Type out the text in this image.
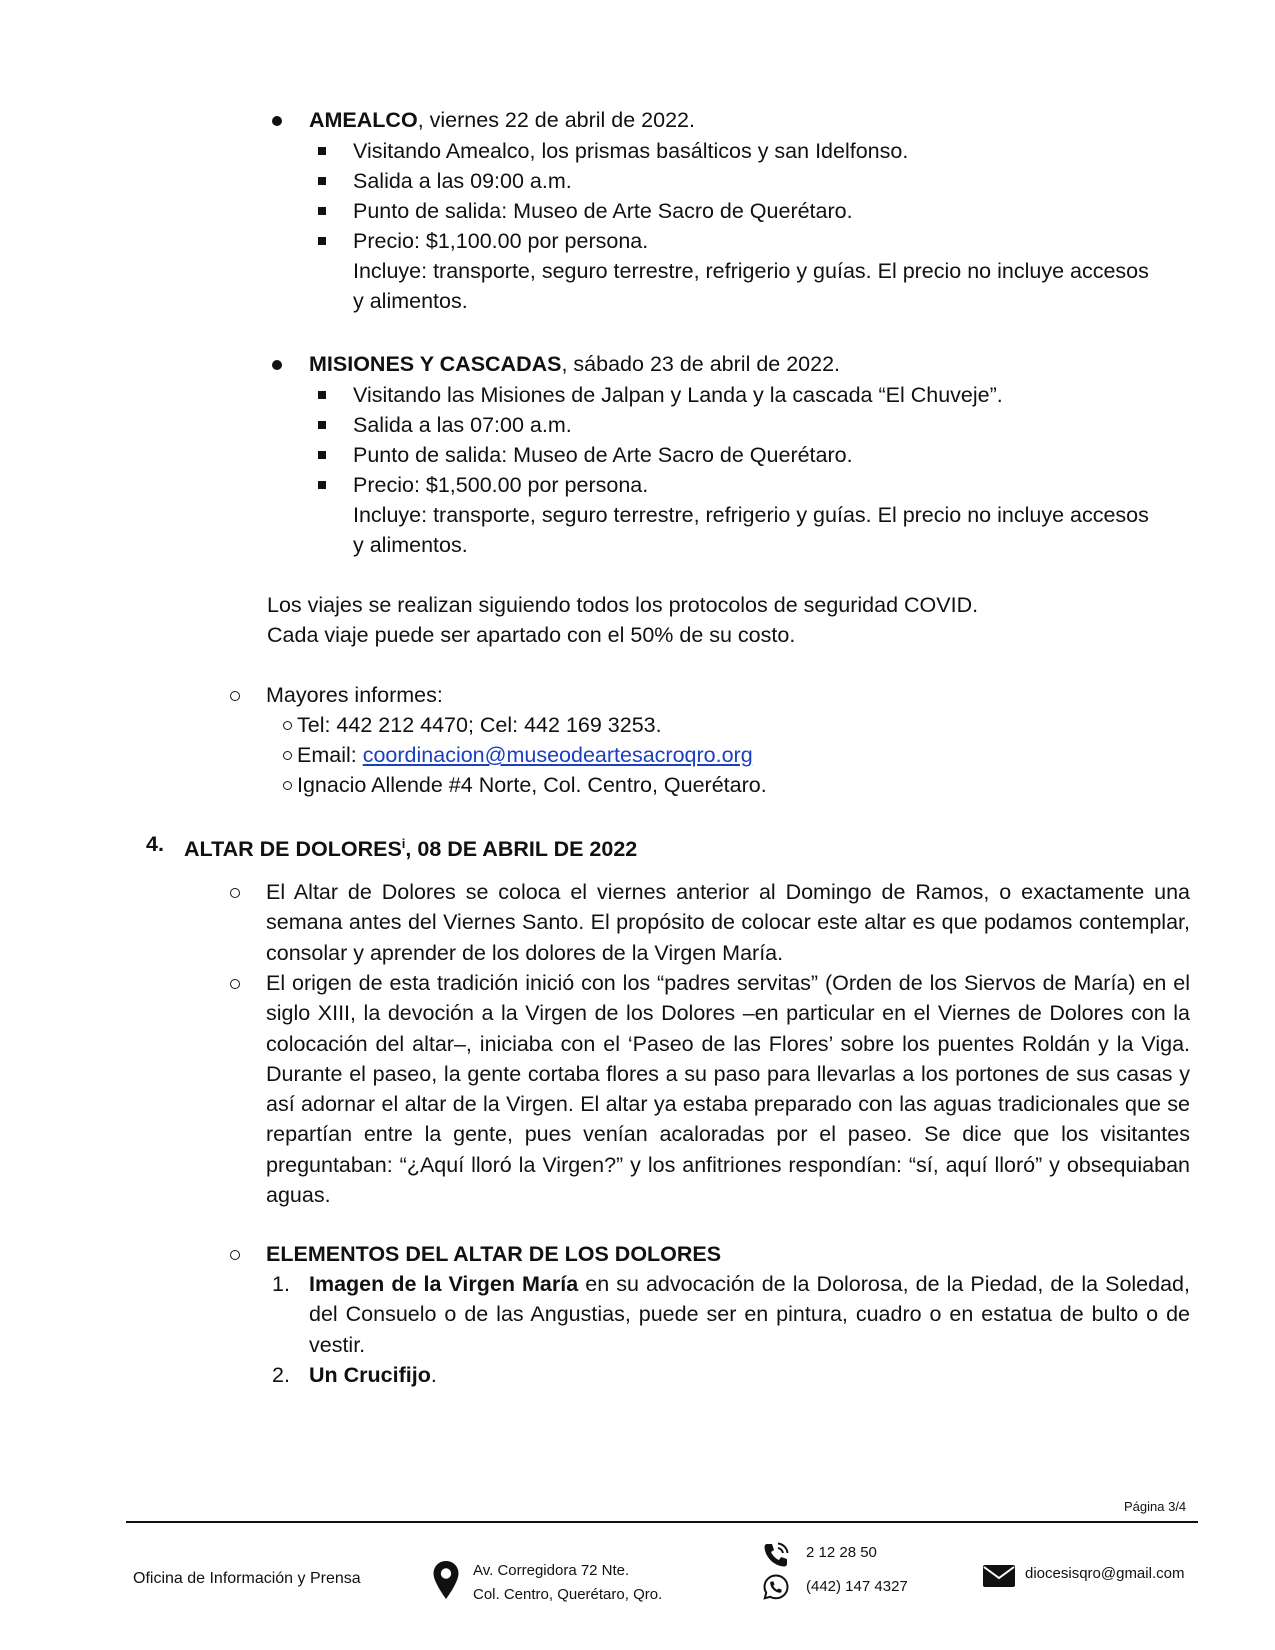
AMEALCO, viernes 22 de abril de 2022.
Visitando Amealco, los prismas basálticos y san Idelfonso.
Salida a las 09:00 a.m.
Punto de salida: Museo de Arte Sacro de Querétaro.
Precio: $1,100.00 por persona.
Incluye: transporte, seguro terrestre, refrigerio y guías. El precio no incluye accesos
y alimentos.
MISIONES Y CASCADAS, sábado 23 de abril de 2022.
Visitando las Misiones de Jalpan y Landa y la cascada “El Chuveje”.
Salida a las 07:00 a.m.
Punto de salida: Museo de Arte Sacro de Querétaro.
Precio: $1,500.00 por persona.
Incluye: transporte, seguro terrestre, refrigerio y guías. El precio no incluye accesos
y alimentos.
Los viajes se realizan siguiendo todos los protocolos de seguridad COVID.
Cada viaje puede ser apartado con el 50% de su costo.
Mayores informes:
Tel: 442 212 4470; Cel: 442 169 3253.
Email: coordinacion@museodeartesacroqro.org
Ignacio Allende #4 Norte, Col. Centro, Querétaro.
4. ALTAR DE DOLORES$^i$, 08 DE ABRIL DE 2022
El Altar de Dolores se coloca el viernes anterior al Domingo de Ramos, o exactamente una semana antes del Viernes Santo. El propósito de colocar este altar es que podamos contemplar, consolar y aprender de los dolores de la Virgen María.
El origen de esta tradición inició con los “padres servitas” (Orden de los Siervos de María) en el siglo XIII, la devoción a la Virgen de los Dolores –en particular en el Viernes de Dolores con la colocación del altar–, iniciaba con el ‘Paseo de las Flores’ sobre los puentes Roldán y la Viga. Durante el paseo, la gente cortaba flores a su paso para llevarlas a los portones de sus casas y así adornar el altar de la Virgen. El altar ya estaba preparado con las aguas tradicionales que se repartían entre la gente, pues venían acaloradas por el paseo. Se dice que los visitantes preguntaban: “¿Aquí lloró la Virgen?” y los anfitriones respondían: “sí, aquí lloró” y obsequiaban aguas.
ELEMENTOS DEL ALTAR DE LOS DOLORES
1. Imagen de la Virgen María en su advocación de la Dolorosa, de la Piedad, de la Soledad, del Consuelo o de las Angustias, puede ser en pintura, cuadro o en estatua de bulto o de vestir.
2. Un Crucifijo.
Página 3/4
Oficina de Información y Prensa	Av. Corregidora 72 Nte.
Col. Centro, Querétaro, Qro.
2 12 28 50
(442) 147 4327
diocesisqro@gmail.com
